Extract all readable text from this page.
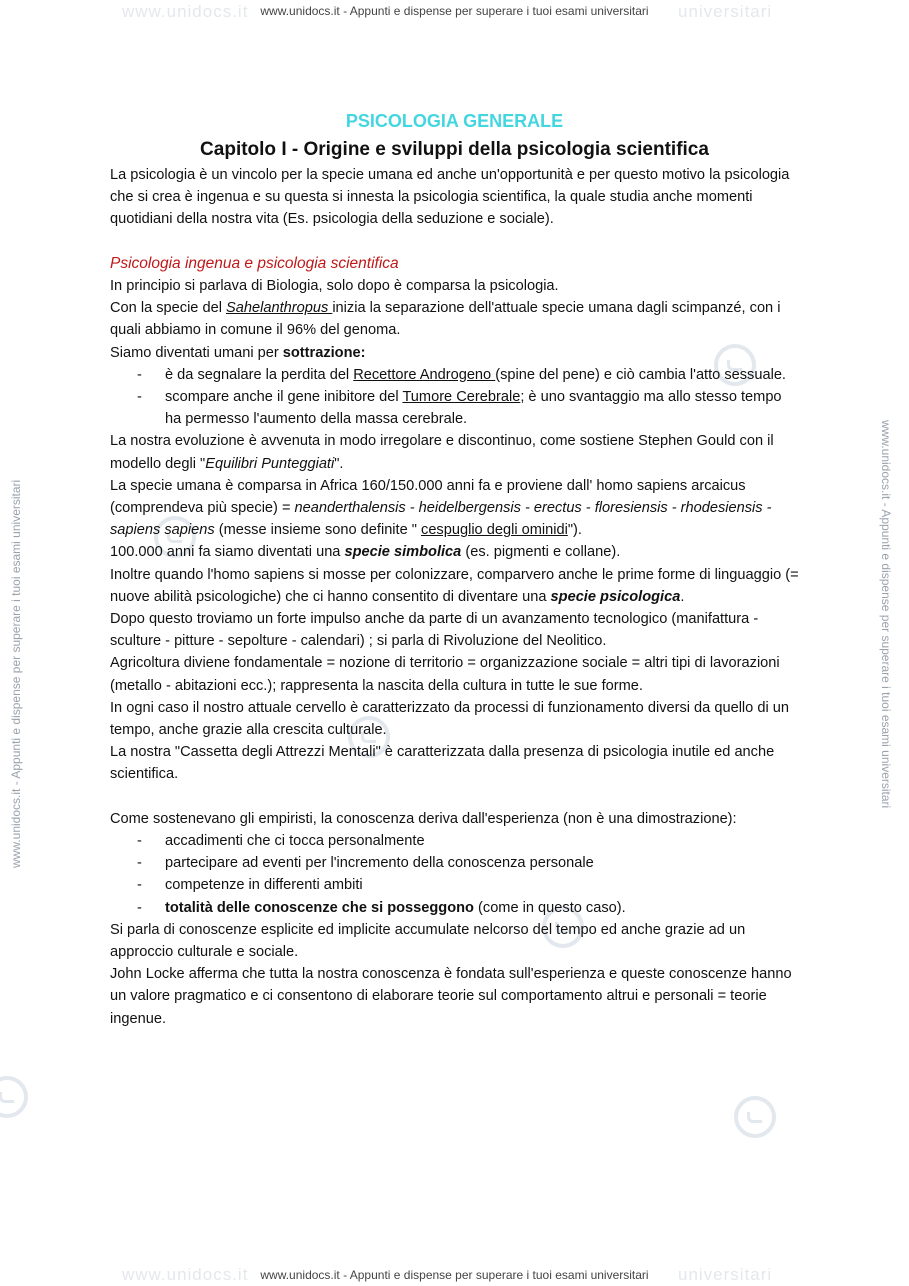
www.unidocs.it	universitari
www.unidocs.it - Appunti e dispense per superare i tuoi esami universitari
www.unidocs.it	universitari
www.unidocs.it - Appunti e dispense per superare i tuoi esami universitari
www.unidocs.it - Appunti e dispense per superare i tuoi esami universitari	www.unidocs.it - Appunti e dispense per superare i tuoi esami universitari
PSICOLOGIA GENERALE
Capitolo I - Origine e sviluppi della psicologia scientifica

La psicologia è un vincolo per la specie umana ed anche un'opportunità e per questo motivo la psicologia che si crea è ingenua e su questa si innesta la psicologia scientifica, la quale studia anche momenti quotidiani della nostra vita (Es. psicologia della seduzione e sociale).

Psicologia ingenua e psicologia scientifica

In principio si parlava di Biologia, solo dopo è comparsa la psicologia.

Con la specie del Sahelanthropus inizia la separazione dell'attuale specie umana dagli scimpanzé, con i quali abbiamo in comune il 96% del genoma.

Siamo diventati umani per sottrazione:

- è da segnalare la perdita del Recettore Androgeno (spine del pene) e ciò cambia l'atto sessuale.
- scompare anche il gene inibitore del Tumore Cerebrale; è uno svantaggio ma allo stesso tempo ha permesso l'aumento della massa cerebrale.

La nostra evoluzione è avvenuta in modo irregolare e discontinuo, come sostiene Stephen Gould con il modello degli "Equilibri Punteggiati".

La specie umana è comparsa in Africa 160/150.000 anni fa e proviene dall' homo sapiens arcaicus (comprendeva più specie) = neanderthalensis - heidelbergensis - erectus - floresiensis - rhodesiensis - sapiens sapiens (messe insieme sono definite " cespuglio degli ominidi").

100.000 anni fa siamo diventati una specie simbolica (es. pigmenti e collane).

Inoltre quando l'homo sapiens si mosse per colonizzare, comparvero anche le prime forme di linguaggio (= nuove abilità psicologiche) che ci hanno consentito di diventare una specie psicologica.

Dopo questo troviamo un forte impulso anche da parte di un avanzamento tecnologico (manifattura - sculture - pitture - sepolture - calendari) ; si parla di Rivoluzione del Neolitico.

Agricoltura diviene fondamentale = nozione di territorio = organizzazione sociale = altri tipi di lavorazioni (metallo - abitazioni ecc.); rappresenta la nascita della cultura in tutte le sue forme.

In ogni caso il nostro attuale cervello è caratterizzato da processi di funzionamento diversi da quello di un tempo, anche grazie alla crescita culturale.

La nostra "Cassetta degli Attrezzi Mentali" è caratterizzata dalla presenza di psicologia inutile ed anche scientifica.

Come sostenevano gli empiristi, la conoscenza deriva dall'esperienza (non è una dimostrazione):

- accadimenti che ci tocca personalmente
- partecipare ad eventi per l'incremento della conoscenza personale
- competenze in differenti ambiti
- totalità delle conoscenze che si posseggono (come in questo caso).

Si parla di conoscenze esplicite ed implicite accumulate nelcorso del tempo ed anche grazie ad un approccio culturale e sociale.

John Locke afferma che tutta la nostra conoscenza è fondata sull'esperienza e queste conoscenze hanno un valore pragmatico e ci consentono di elaborare teorie sul comportamento altrui e personali = teorie ingenue.
